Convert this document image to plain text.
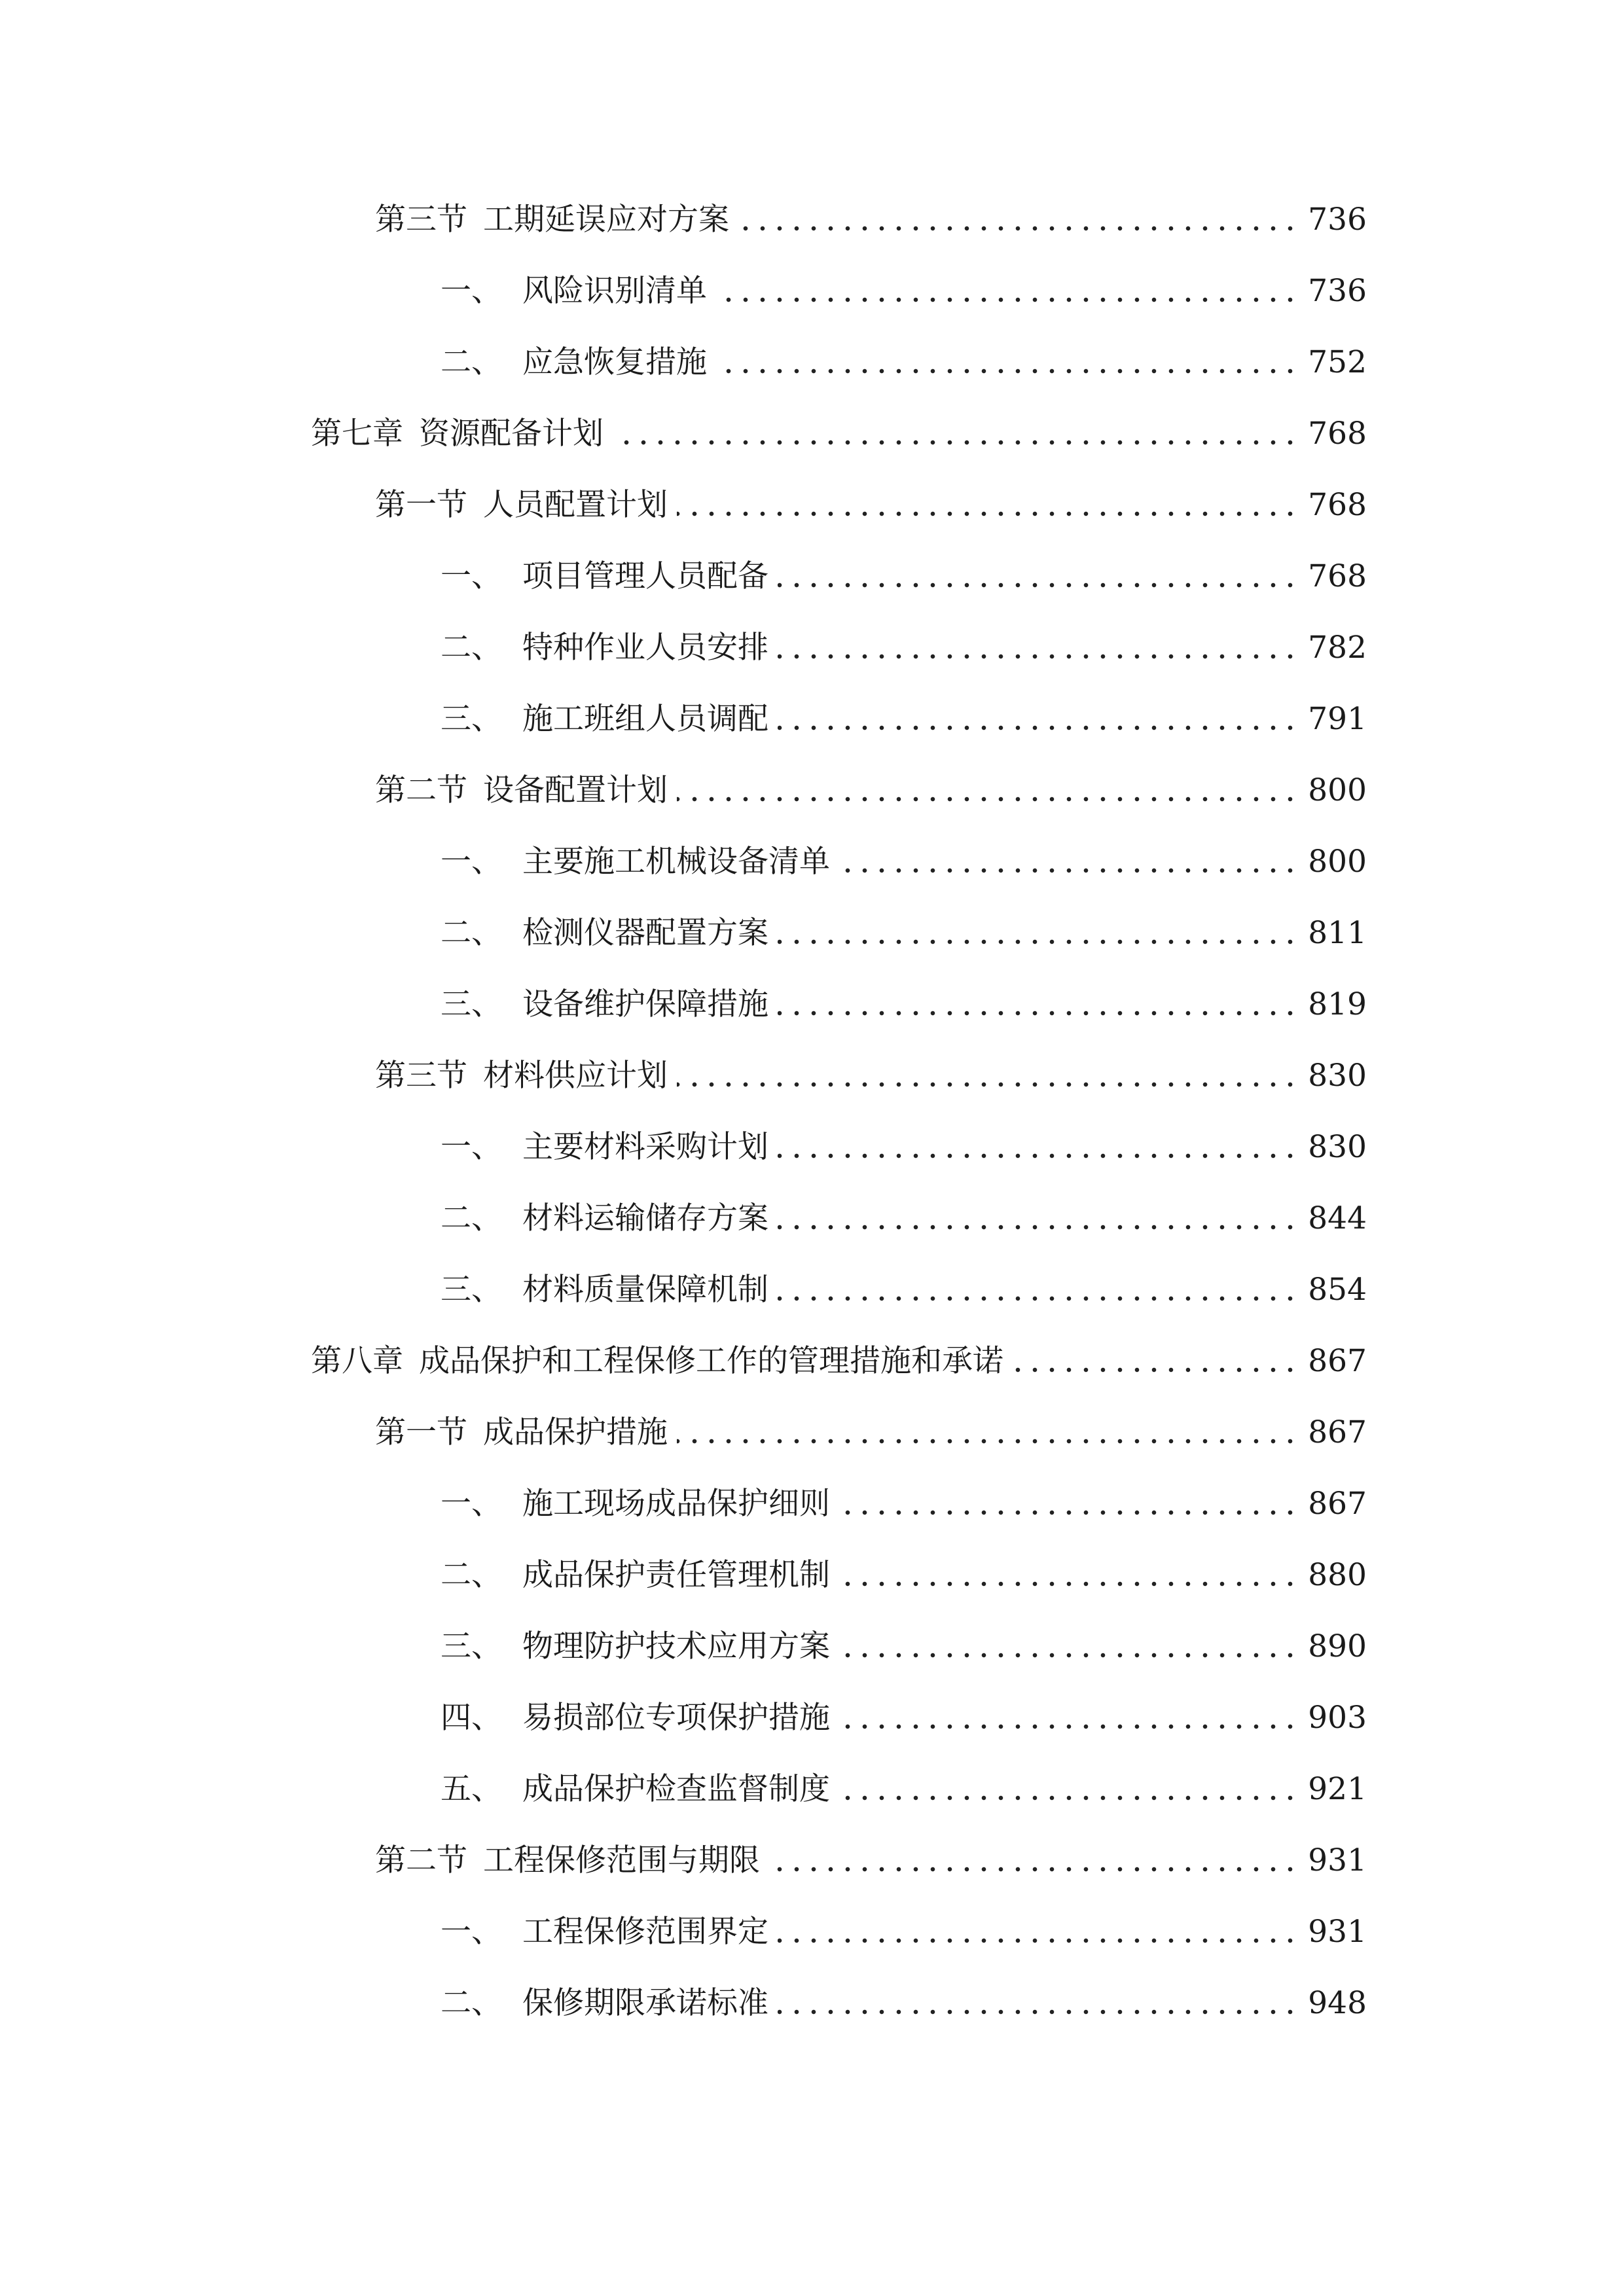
第三节 工期延误应对方案	736
一、 风险识别清单	736
二、 应急恢复措施	752
第七章 资源配备计划	768
第一节 人员配置计划	768
一、 项目管理人员配备	768
二、 特种作业人员安排	782
三、 施工班组人员调配	791
第二节 设备配置计划	800
一、 主要施工机械设备清单	800
二、 检测仪器配置方案	811
三、 设备维护保障措施	819
第三节 材料供应计划	830
一、 主要材料采购计划	830
二、 材料运输储存方案	844
三、 材料质量保障机制	854
第八章 成品保护和工程保修工作的管理措施和承诺	867
第一节 成品保护措施	867
一、 施工现场成品保护细则	867
二、 成品保护责任管理机制	880
三、 物理防护技术应用方案	890
四、 易损部位专项保护措施	903
五、 成品保护检查监督制度	921
第二节 工程保修范围与期限	931
一、 工程保修范围界定	931
二、 保修期限承诺标准	948
